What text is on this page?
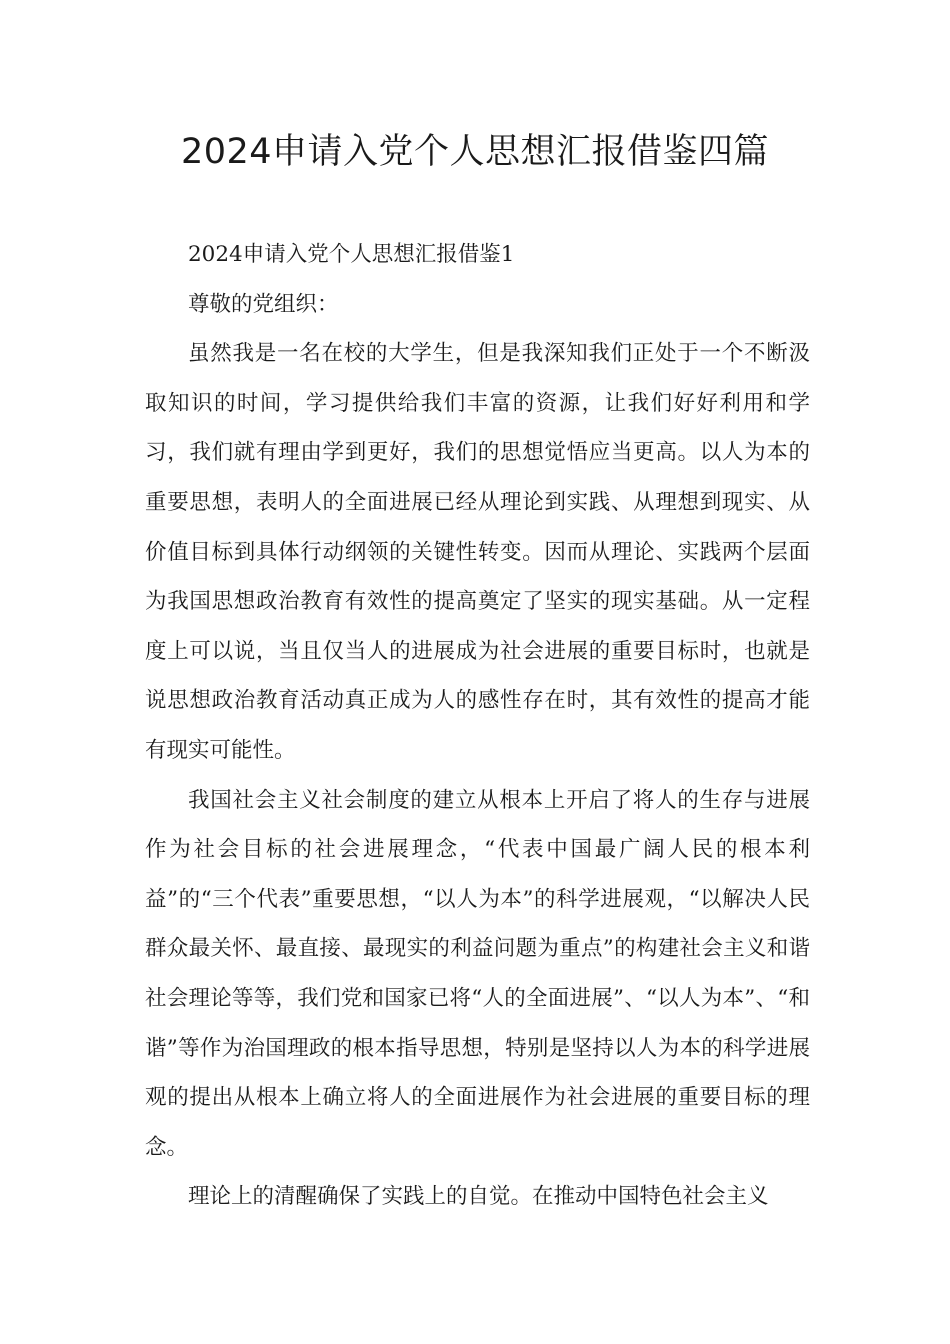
2024申请入党个人思想汇报借鉴四篇

2024申请入党个人思想汇报借鉴1

尊敬的党组织：

虽然我是一名在校的大学生，但是我深知我们正处于一个不断汲取知识的时间，学习提供给我们丰富的资源，让我们好好利用和学习，我们就有理由学到更好，我们的思想觉悟应当更高。以人为本的重要思想，表明人的全面进展已经从理论到实践、从理想到现实、从价值目标到具体行动纲领的关键性转变。因而从理论、实践两个层面为我国思想政治教育有效性的提高奠定了坚实的现实基础。从一定程度上可以说，当且仅当人的进展成为社会进展的重要目标时，也就是说思想政治教育活动真正成为人的感性存在时，其有效性的提高才能有现实可能性。

我国社会主义社会制度的建立从根本上开启了将人的生存与进展作为社会目标的社会进展理念，“代表中国最广阔人民的根本利益”的“三个代表”重要思想，“以人为本”的科学进展观，“以解决人民群众最关怀、最直接、最现实的利益问题为重点”的构建社会主义和谐社会理论等等，我们党和国家已将“人的全面进展”、“以人为本”、“和谐”等作为治国理政的根本指导思想，特别是坚持以人为本的科学进展观的提出从根本上确立将人的全面进展作为社会进展的重要目标的理念。

理论上的清醒确保了实践上的自觉。在推动中国特色社会主义
